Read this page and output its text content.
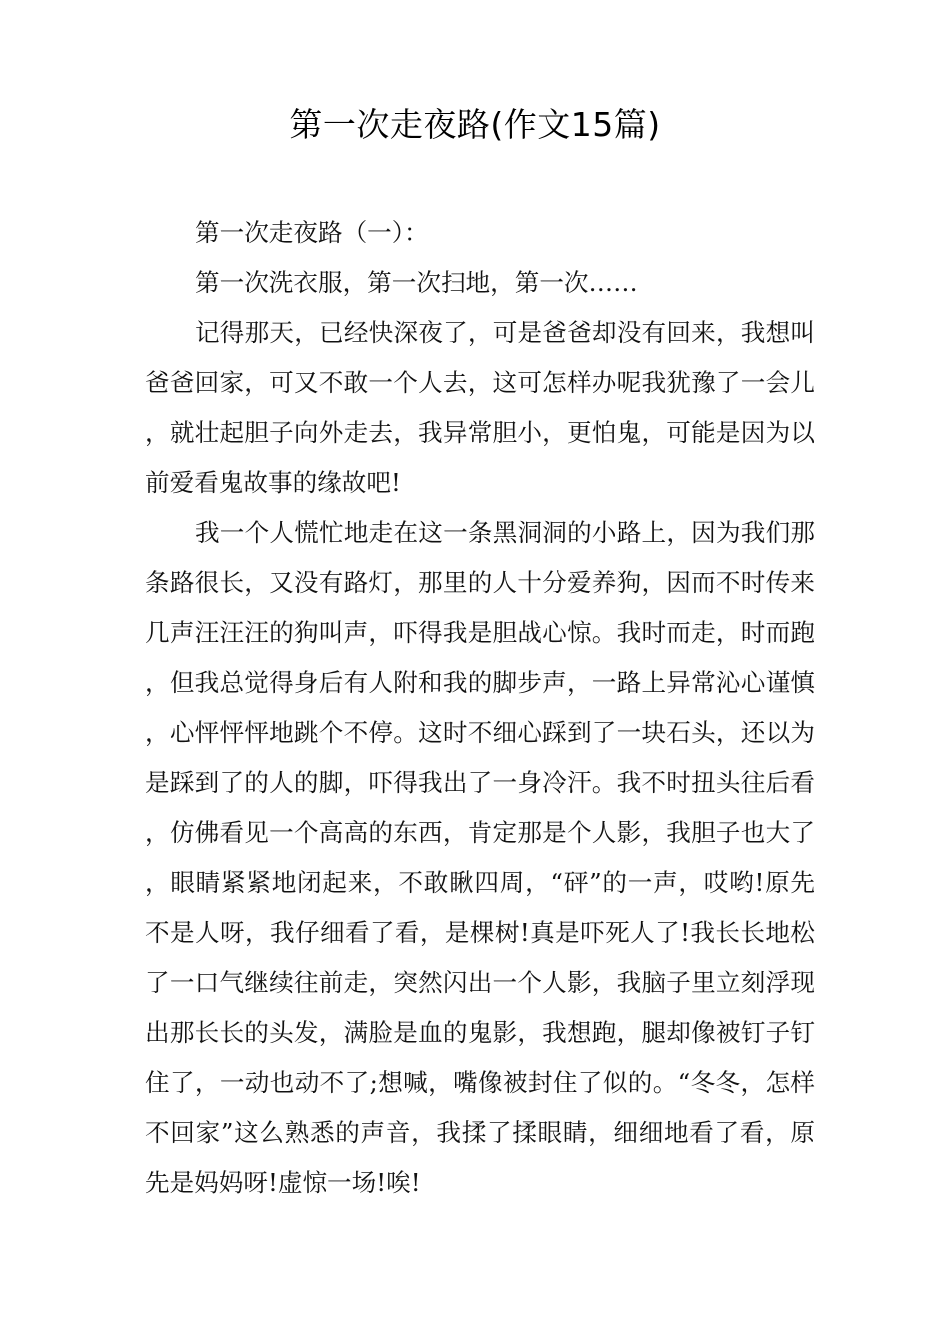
第一次走夜路(作文15篇)

第一次走夜路（一）：

第一次洗衣服，第一次扫地，第一次……

记得那天，已经快深夜了，可是爸爸却没有回来，我想叫爸爸回家，可又不敢一个人去，这可怎样办呢我犹豫了一会儿，就壮起胆子向外走去，我异常胆小，更怕鬼，可能是因为以前爱看鬼故事的缘故吧!

我一个人慌忙地走在这一条黑洞洞的小路上，因为我们那条路很长，又没有路灯，那里的人十分爱养狗，因而不时传来几声汪汪汪的狗叫声，吓得我是胆战心惊。我时而走，时而跑，但我总觉得身后有人附和我的脚步声，一路上异常沁心谨慎，心怦怦怦地跳个不停。这时不细心踩到了一块石头，还以为是踩到了的人的脚，吓得我出了一身冷汗。我不时扭头往后看，仿佛看见一个高高的东西，肯定那是个人影，我胆子也大了，眼睛紧紧地闭起来，不敢瞅四周，“砰”的一声，哎哟!原先不是人呀，我仔细看了看，是棵树!真是吓死人了!我长长地松了一口气继续往前走，突然闪出一个人影，我脑子里立刻浮现出那长长的头发，满脸是血的鬼影，我想跑，腿却像被钉子钉住了，一动也动不了;想喊，嘴像被封住了似的。“冬冬，怎样不回家”这么熟悉的声音，我揉了揉眼睛，细细地看了看，原先是妈妈呀!虚惊一场!唉!
